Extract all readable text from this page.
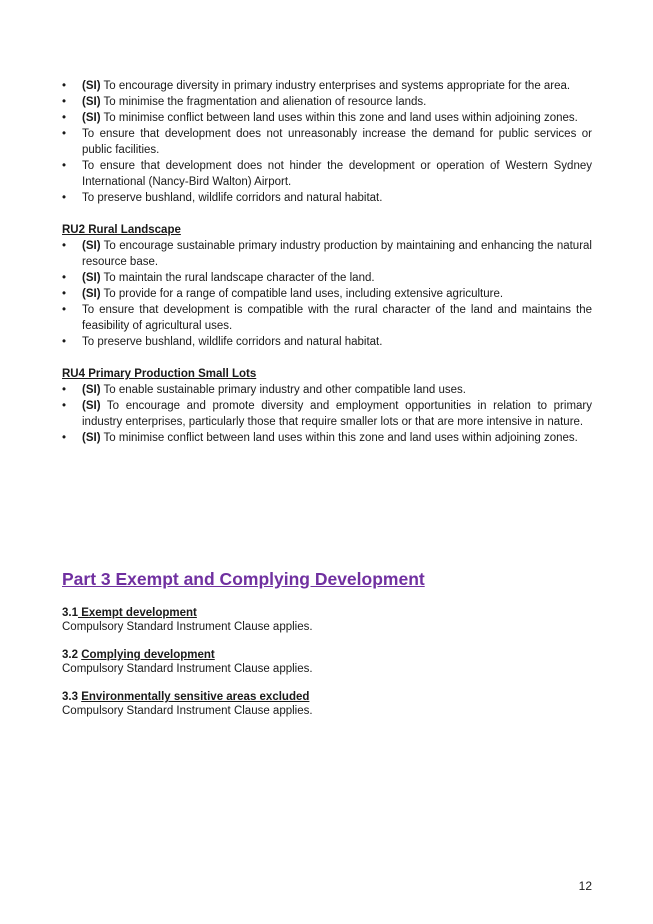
•	(SI) To encourage diversity in primary industry enterprises and systems appropriate for the area.
•	(SI) To minimise the fragmentation and alienation of resource lands.
•	(SI) To minimise conflict between land uses within this zone and land uses within adjoining zones.
•	To ensure that development does not unreasonably increase the demand for public services or public facilities.
•	To ensure that development does not hinder the development or operation of Western Sydney International (Nancy-Bird Walton) Airport.
•	To preserve bushland, wildlife corridors and natural habitat.
RU2 Rural Landscape
•	(SI) To encourage sustainable primary industry production by maintaining and enhancing the natural resource base.
•	(SI) To maintain the rural landscape character of the land.
•	(SI) To provide for a range of compatible land uses, including extensive agriculture.
•	To ensure that development is compatible with the rural character of the land and maintains the feasibility of agricultural uses.
•	To preserve bushland, wildlife corridors and natural habitat.
RU4 Primary Production Small Lots
•	(SI) To enable sustainable primary industry and other compatible land uses.
•	(SI) To encourage and promote diversity and employment opportunities in relation to primary industry enterprises, particularly those that require smaller lots or that are more intensive in nature.
•	(SI) To minimise conflict between land uses within this zone and land uses within adjoining zones.
Part 3 Exempt and Complying Development
3.1 Exempt development
Compulsory Standard Instrument Clause applies.
3.2 Complying development
Compulsory Standard Instrument Clause applies.
3.3 Environmentally sensitive areas excluded
Compulsory Standard Instrument Clause applies.
12
